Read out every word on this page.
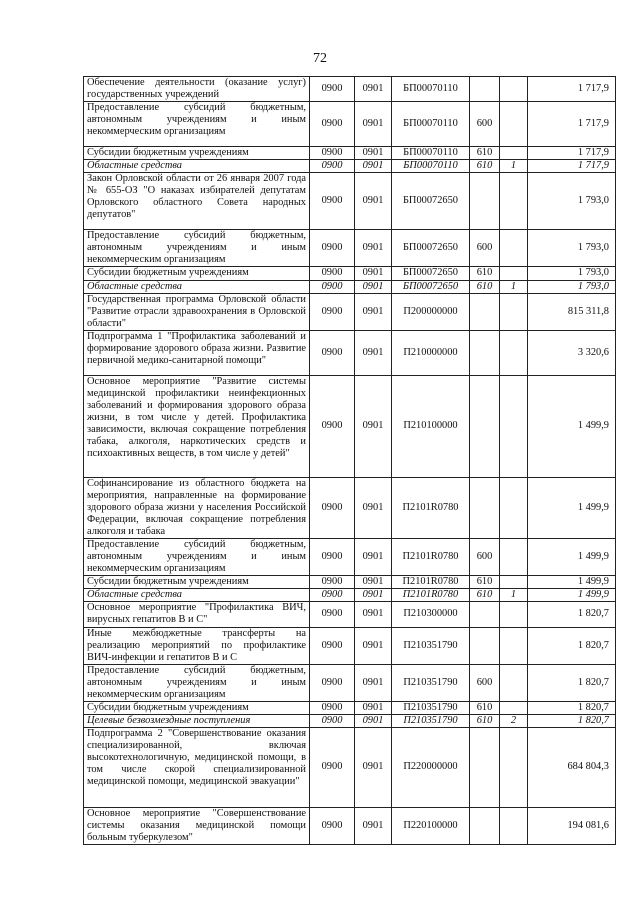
72
Обеспечение деятельности (оказание услуг) государственных учреждений	0900	0901	БП00070110			1 717,9
Предоставление субсидий бюджетным, автономным учреждениям и иным некоммерческим организациям	0900	0901	БП00070110	600		1 717,9
Субсидии бюджетным учреждениям	0900	0901	БП00070110	610		1 717,9
Областные средства	0900	0901	БП00070110	610	1	1 717,9
Закон Орловской области от 26 января 2007 года № 655-ОЗ "О наказах избирателей депутатам Орловского областного Совета народных депутатов"	0900	0901	БП00072650			1 793,0
Предоставление субсидий бюджетным, автономным учреждениям и иным некоммерческим организациям	0900	0901	БП00072650	600		1 793,0
Субсидии бюджетным учреждениям	0900	0901	БП00072650	610		1 793,0
Областные средства	0900	0901	БП00072650	610	1	1 793,0
Государственная программа Орловской области "Развитие отрасли здравоохранения в Орловской области"	0900	0901	П200000000			815 311,8
Подпрограмма 1 "Профилактика заболеваний и формирование здорового образа жизни. Развитие первичной медико-санитарной помощи"	0900	0901	П210000000			3 320,6
Основное мероприятие "Развитие системы медицинской профилактики неинфекционных заболеваний и формирования здорового образа жизни, в том числе у детей. Профилактика зависимости, включая сокращение потребления табака, алкоголя, наркотических средств и психоактивных веществ, в том числе у детей"	0900	0901	П210100000			1 499,9
Софинансирование из областного бюджета на мероприятия, направленные на формирование здорового образа жизни у населения Российской Федерации, включая сокращение потребления алкоголя и табака	0900	0901	П2101R0780			1 499,9
Предоставление субсидий бюджетным, автономным учреждениям и иным некоммерческим организациям	0900	0901	П2101R0780	600		1 499,9
Субсидии бюджетным учреждениям	0900	0901	П2101R0780	610		1 499,9
Областные средства	0900	0901	П2101R0780	610	1	1 499,9
Основное мероприятие "Профилактика ВИЧ, вирусных гепатитов В и С"	0900	0901	П210300000			1 820,7
Иные межбюджетные трансферты на реализацию мероприятий по профилактике ВИЧ-инфекции и гепатитов В и С	0900	0901	П210351790			1 820,7
Предоставление субсидий бюджетным, автономным учреждениям и иным некоммерческим организациям	0900	0901	П210351790	600		1 820,7
Субсидии бюджетным учреждениям	0900	0901	П210351790	610		1 820,7
Целевые безвозмездные поступления	0900	0901	П210351790	610	2	1 820,7
Подпрограмма 2 "Совершенствование оказания специализированной, включая высокотехнологичную, медицинской помощи, в том числе скорой специализированной медицинской помощи, медицинской эвакуации"	0900	0901	П220000000			684 804,3
Основное мероприятие "Совершенствование системы оказания медицинской помощи больным туберкулезом"	0900	0901	П220100000			194 081,6
